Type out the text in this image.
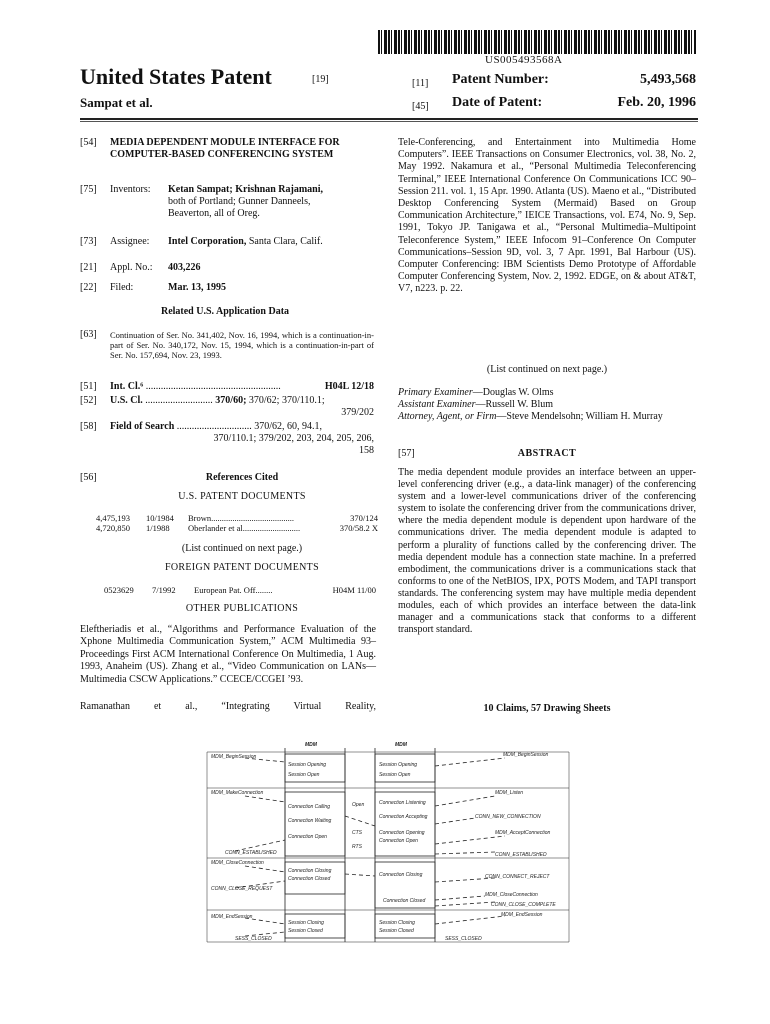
US005493568A
United States Patent	[19]
Sampat et al.
[11] Patent Number:	5,493,568
[45] Date of Patent:	Feb. 20, 1996
[54] MEDIA DEPENDENT MODULE INTERFACE FOR COMPUTER-BASED CONFERENCING SYSTEM
[75] Inventors: Ketan Sampat; Krishnan Rajamani,
both of Portland; Gunner Danneels,
Beaverton, all of Oreg.
[73] Assignee: Intel Corporation, Santa Clara, Calif.
[21] Appl. No.: 403,226
[22] Filed:	Mar. 13, 1995
Related U.S. Application Data
[63] Continuation of Ser. No. 341,402, Nov. 16, 1994, which is a continuation-in-part of Ser. No. 340,172, Nov. 15, 1994, which is a continuation-in-part of Ser. No. 157,694, Nov. 23, 1993.
[51] Int. Cl.⁶ ......................................................	H04L 12/18
[52] U.S. Cl. ........................... 370/60; 370/62; 370/110.1;
379/202
[58] Field of Search .............................. 370/62, 60, 94.1,
370/110.1; 379/202, 203, 204, 205, 206,
158
[56]	References Cited
U.S. PATENT DOCUMENTS
4,475,193	10/1984	Brown .......................................	370/124
4,720,850	1/1988	Oberlander et al. ..........................	370/58.2 X
(List continued on next page.)
FOREIGN PATENT DOCUMENTS
0523629	7/1992	European Pat. Off. .......	H04M 11/00
OTHER PUBLICATIONS
Eleftheriadis et al., “Algorithms and Performance Evaluation of the Xphone Multimedia Communication System,” ACM Multimedia 93–Proceedings First ACM International Conference On Multimedia, 1 Aug. 1993, Anaheim (US). Zhang et al., “Video Communication on LANs—Multimedia CSCW Applications.” CCECE/CCGEI ’93.
Ramanathan et al., “Integrating Virtual Reality,
Tele-Conferencing, and Entertainment into Multimedia Home Computers”. IEEE Transactions on Consumer Electronics, vol. 38, No. 2, May 1992. Nakamura et al., “Personal Multimedia Teleconferencing Terminal,” IEEE International Conference On Communications ICC 90–Session 211. vol. 1, 15 Apr. 1990. Atlanta (US). Maeno et al., “Distributed Desktop Conferencing System (Mermaid) Based on Group Communication Architecture,” IEICE Transactions, vol. E74, No. 9, Sep. 1991, Tokyo JP. Tanigawa et al., “Personal Multimedia–Multipoint Teleconference System,” IEEE Infocom 91–Conference On Computer Communications–Session 9D, vol. 3, 7 Apr. 1991, Bal Harbour (US). Computer Conferencing: IBM Scientists Demo Prototype of Affordable Computer Conferencing System, Nov. 2, 1992. EDGE, on & about AT&T, V7, n223. p. 22.
(List continued on next page.)
Primary Examiner—Douglas W. Olms
Assistant Examiner—Russell W. Blum
Attorney, Agent, or Firm—Steve Mendelsohn; William H. Murray
[57]	ABSTRACT
The media dependent module provides an interface between an upper-level conferencing driver (e.g., a data-link manager) of the conferencing system and a lower-level communications driver of the conferencing system to isolate the conferencing driver from the communications driver, where the media dependent module is dependent upon hardware of the communications driver. The media dependent module is adapted to perform a plurality of functions called by the conferencing driver. The media dependent module has a connection state machine. In a preferred embodiment, the communications driver is a communications stack that conforms to one of the NetBIOS, IPX, POTS Modem, and TAPI transport standards. The conferencing system may have multiple media dependent modules, each of which provides an interface between the data-link manager and a communications stack that conforms to a different transport standard.
10 Claims, 57 Drawing Sheets
MDM	MDM
MDM_BeginSession
Session Opening
Session Open
Session Opening
Session Open
MDM_BeginSession
MDM_MakeConnection
Connection Calling
Connection Waiting
Open	Connection Listening
Connection Accepting
MDM_Listen
CONN_NEW_CONNECTION
Connection Open
CTS
RTS
Connection Opening
Connection Open
MDM_AcceptConnection
CONN_ESTABLISHED	CONN_ESTABLISHED
MDM_CloseConnection
Connection Closing
Connection Closed
Connection Closing	CONN_CONNECT_REJECT
CONN_CLOSE_REQUEST
Connection Closed
MDM_CloseConnection
CONN_CLOSE_COMPLETE
MDM_EndSession
Session Closing
Session Closed
Session Closing
Session Closed
MDM_EndSession
SESS_CLOSED	SESS_CLOSED
